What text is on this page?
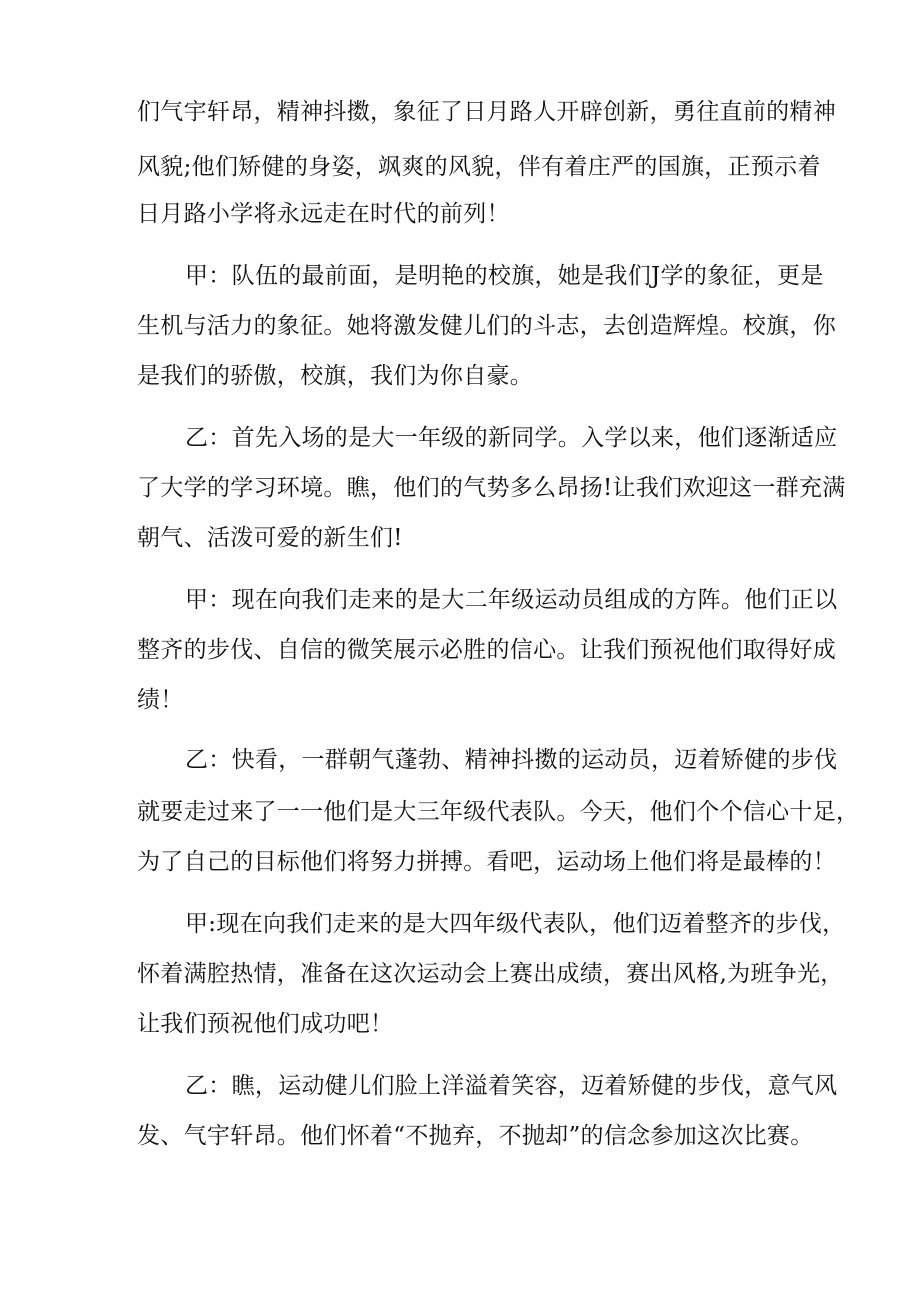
们气宇轩昂，精神抖擞，象征了日月路人开辟创新，勇往直前的精神
风貌;他们矫健的身姿，飒爽的风貌，伴有着庄严的国旗，正预示着
日月路小学将永远走在时代的前列！
甲：队伍的最前面，是明艳的校旗，她是我们J学的象征，更是
生机与活力的象征。她将激发健儿们的斗志，去创造辉煌。校旗，你
是我们的骄傲，校旗，我们为你自豪。
乙：首先入场的是大一年级的新同学。入学以来，他们逐渐适应
了大学的学习环境。瞧，他们的气势多么昂扬!让我们欢迎这一群充满
朝气、活泼可爱的新生们!
甲：现在向我们走来的是大二年级运动员组成的方阵。他们正以
整齐的步伐、自信的微笑展示必胜的信心。让我们预祝他们取得好成
绩！
乙：快看，一群朝气蓬勃、精神抖擞的运动员，迈着矫健的步伐
就要走过来了一一他们是大三年级代表队。今天，他们个个信心十足，
为了自己的目标他们将努力拼搏。看吧，运动场上他们将是最棒的！
甲:现在向我们走来的是大四年级代表队，他们迈着整齐的步伐，
怀着满腔热情，准备在这次运动会上赛出成绩，赛出风格,为班争光，
让我们预祝他们成功吧！
乙：瞧，运动健儿们脸上洋溢着笑容，迈着矫健的步伐，意气风
发、气宇轩昂。他们怀着“不抛弃，不抛却”的信念参加这次比赛。
